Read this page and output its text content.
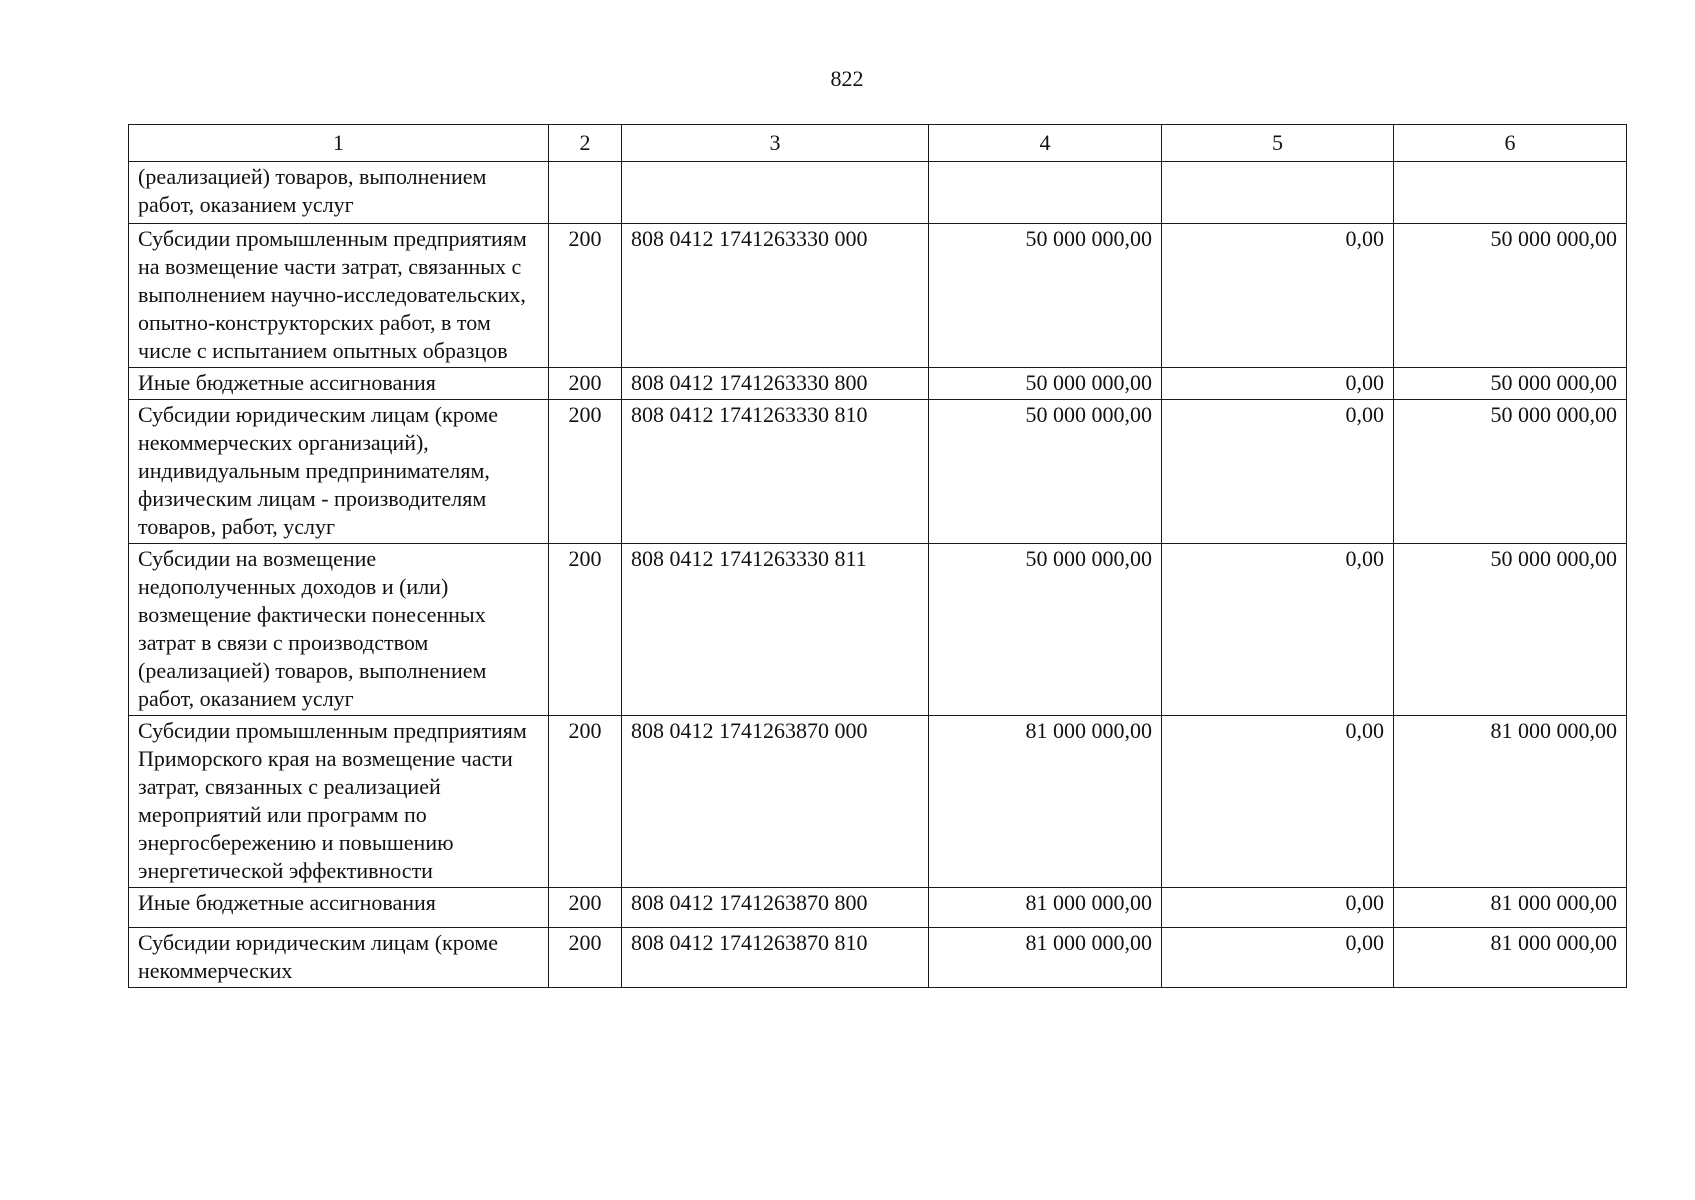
822
1	2	3	4	5	6
(реализацией) товаров, выполнением работ, оказанием услуг					
Субсидии промышленным предприятиям на возмещение части затрат, связанных с выполнением научно-исследовательских, опытно-конструкторских работ, в том числе с испытанием опытных образцов	200	808 0412 1741263330 000	50 000 000,00	0,00	50 000 000,00
Иные бюджетные ассигнования	200	808 0412 1741263330 800	50 000 000,00	0,00	50 000 000,00
Субсидии юридическим лицам (кроме некоммерческих организаций), индивидуальным предпринимателям, физическим лицам - производителям товаров, работ, услуг	200	808 0412 1741263330 810	50 000 000,00	0,00	50 000 000,00
Субсидии на возмещение недополученных доходов и (или) возмещение фактически понесенных затрат в связи с производством (реализацией) товаров, выполнением работ, оказанием услуг	200	808 0412 1741263330 811	50 000 000,00	0,00	50 000 000,00
Субсидии промышленным предприятиям Приморского края на возмещение части затрат, связанных с реализацией мероприятий или программ по энергосбережению и повышению энергетической эффективности	200	808 0412 1741263870 000	81 000 000,00	0,00	81 000 000,00
Иные бюджетные ассигнования	200	808 0412 1741263870 800	81 000 000,00	0,00	81 000 000,00
Субсидии юридическим лицам (кроме некоммерческих	200	808 0412 1741263870 810	81 000 000,00	0,00	81 000 000,00
